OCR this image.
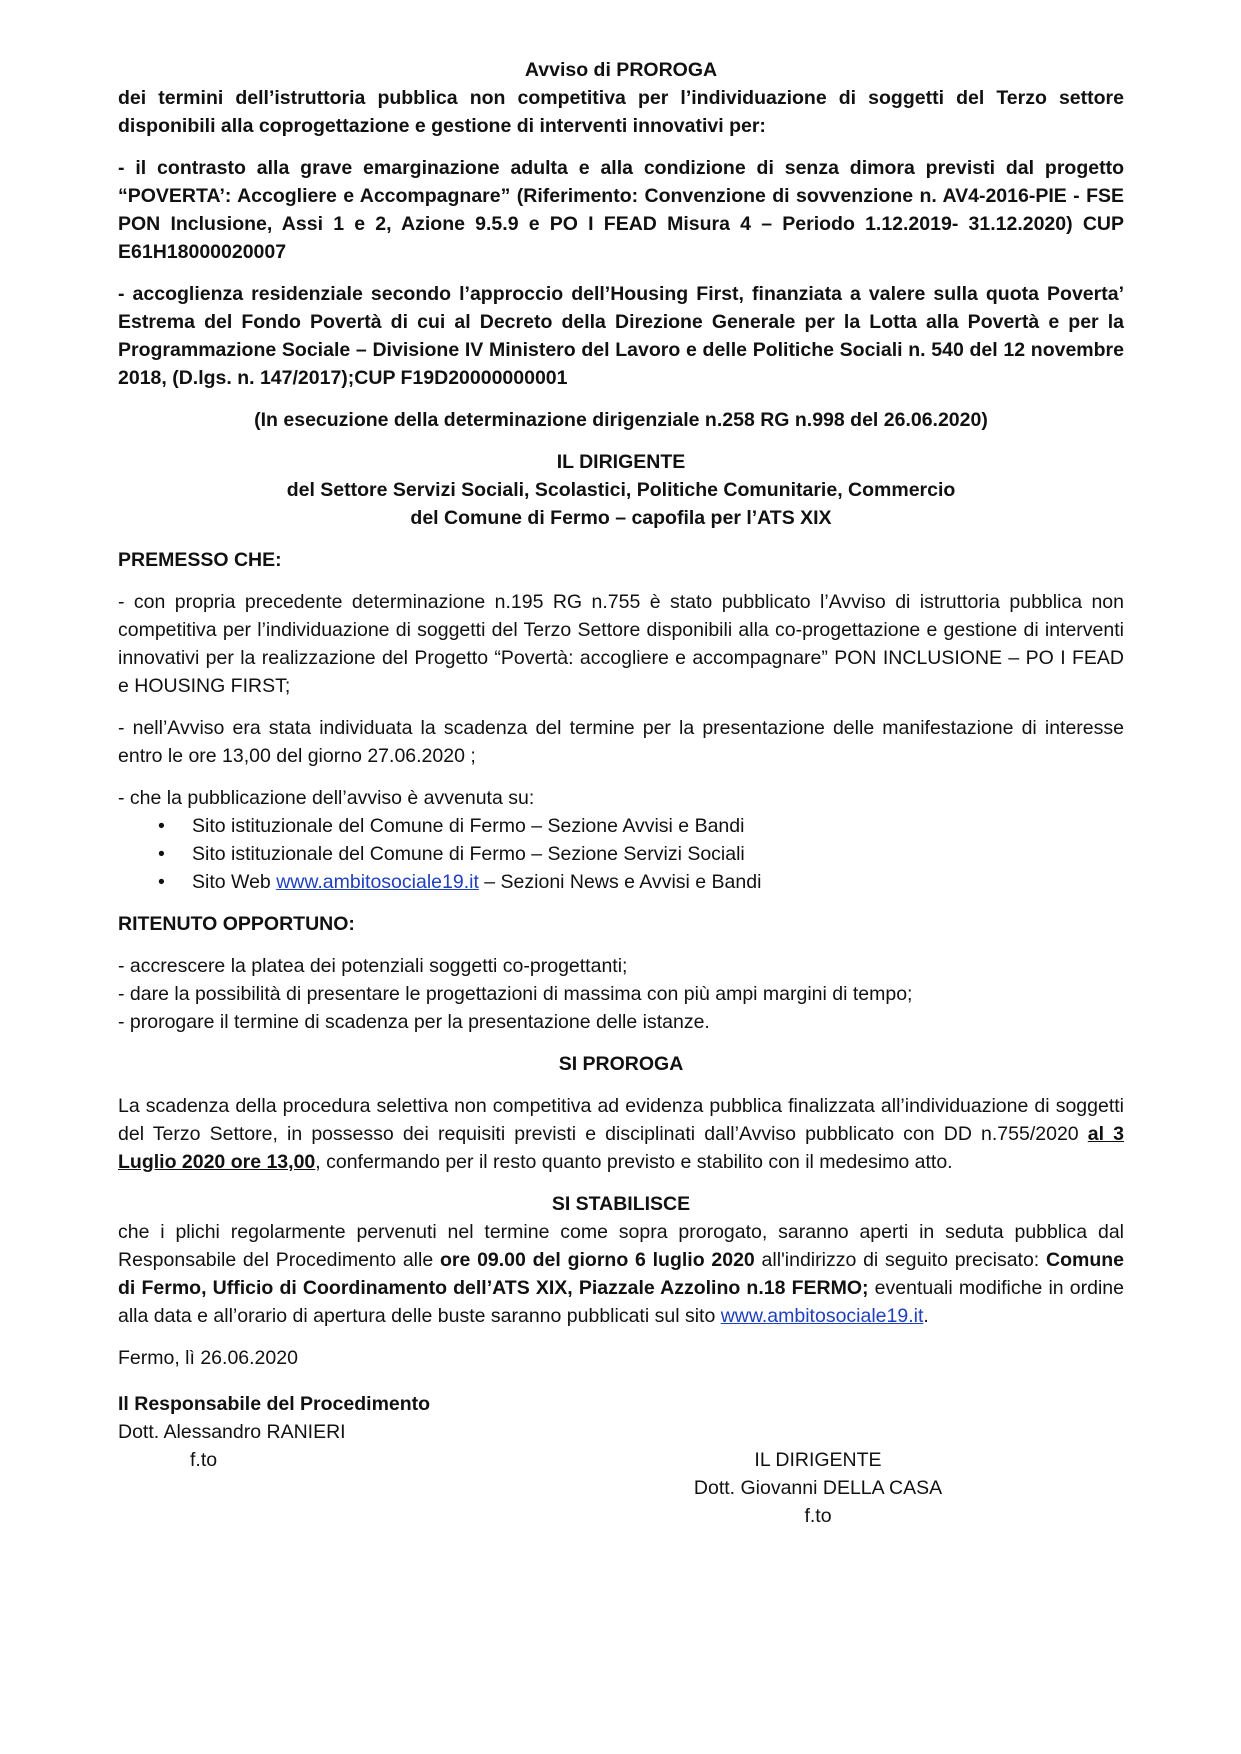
Avviso di PROROGA

dei termini dell’istruttoria pubblica non competitiva per l’individuazione di soggetti del Terzo settore disponibili alla coprogettazione e gestione di interventi innovativi per:

- il contrasto alla grave emarginazione adulta e alla condizione di senza dimora previsti dal progetto “POVERTA’: Accogliere e Accompagnare” (Riferimento: Convenzione di sovvenzione n. AV4-2016-PIE - FSE PON Inclusione, Assi 1 e 2, Azione 9.5.9 e PO I FEAD Misura 4 – Periodo 1.12.2019- 31.12.2020) CUP E61H18000020007

- accoglienza residenziale secondo l’approccio dell’Housing First, finanziata a valere sulla quota Poverta’ Estrema del Fondo Povertà di cui al Decreto della Direzione Generale per la Lotta alla Povertà e per la Programmazione Sociale – Divisione IV Ministero del Lavoro e delle Politiche Sociali n. 540 del 12 novembre 2018, (D.lgs. n. 147/2017);CUP F19D20000000001

(In esecuzione della determinazione dirigenziale n.258 RG n.998 del 26.06.2020)

IL DIRIGENTE

del Settore Servizi Sociali, Scolastici, Politiche Comunitarie, Commercio

del Comune di Fermo – capofila per l’ATS XIX

PREMESSO CHE:

- con propria precedente determinazione n.195 RG n.755 è stato pubblicato l’Avviso di istruttoria pubblica non competitiva per l’individuazione di soggetti del Terzo Settore disponibili alla co-progettazione e gestione di interventi innovativi per la realizzazione del Progetto “Povertà: accogliere e accompagnare” PON INCLUSIONE – PO I FEAD e HOUSING FIRST;

- nell’Avviso era stata individuata la scadenza del termine per la presentazione delle manifestazione di interesse entro le ore 13,00 del giorno 27.06.2020 ;

- che la pubblicazione dell’avviso è avvenuta su:

• Sito istituzionale del Comune di Fermo – Sezione Avvisi e Bandi
• Sito istituzionale del Comune di Fermo – Sezione Servizi Sociali
• Sito Web www.ambitosociale19.it – Sezioni News e Avvisi e Bandi

RITENUTO OPPORTUNO:

- accrescere la platea dei potenziali soggetti co-progettanti;

- dare la possibilità di presentare le progettazioni di massima con più ampi margini di tempo;

- prorogare il termine di scadenza per la presentazione delle istanze.

SI PROROGA

La scadenza della procedura selettiva non competitiva ad evidenza pubblica finalizzata all’individuazione di soggetti del Terzo Settore, in possesso dei requisiti previsti e disciplinati dall’Avviso pubblicato con DD n.755/2020 al 3 Luglio 2020 ore 13,00, confermando per il resto quanto previsto e stabilito con il medesimo atto.

SI STABILISCE

che i plichi regolarmente pervenuti nel termine come sopra prorogato, saranno aperti in seduta pubblica dal Responsabile del Procedimento alle ore 09.00 del giorno 6 luglio 2020 all'indirizzo di seguito precisato: Comune di Fermo, Ufficio di Coordinamento dell’ATS XIX, Piazzale Azzolino n.18 FERMO; eventuali modifiche in ordine alla data e all’orario di apertura delle buste saranno pubblicati sul sito www.ambitosociale19.it.

Fermo, lì 26.06.2020

Il Responsabile del Procedimento

Dott. Alessandro RANIERI

f.to	IL DIRIGENTE

Dott. Giovanni DELLA CASA

f.to
